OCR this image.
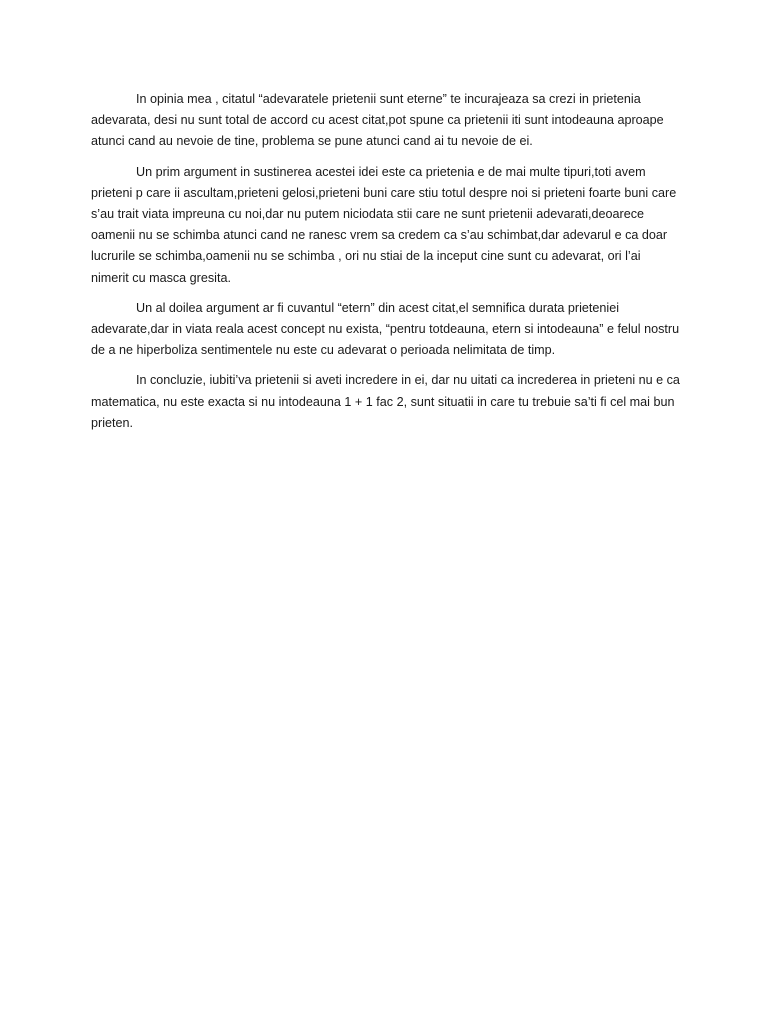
In opinia mea , citatul “adevaratele prietenii sunt eterne” te incurajeaza sa crezi in prietenia adevarata, desi nu sunt total de accord cu acest citat,pot spune ca prietenii iti sunt intodeauna aproape atunci cand au nevoie de tine, problema se pune atunci cand ai tu nevoie de ei.

Un prim argument in sustinerea acestei idei este ca prietenia e de mai multe tipuri,toti avem prieteni p care ii ascultam,prieteni gelosi,prieteni buni care stiu totul despre noi si prieteni foarte buni care s’au trait viata impreuna cu noi,dar nu putem niciodata stii care ne sunt prietenii adevarati,deoarece oamenii nu se schimba atunci cand ne ranesc vrem sa credem ca s’au schimbat,dar adevarul e ca doar lucrurile se schimba,oamenii nu se schimba , ori nu stiai de la inceput cine sunt cu adevarat, ori l’ai nimerit cu masca gresita.

Un al doilea argument ar fi cuvantul “etern” din acest citat,el semnifica durata prieteniei adevarate,dar in viata reala acest concept nu exista, “pentru totdeauna, etern si intodeauna” e felul nostru de a ne hiperboliza sentimentele nu este cu adevarat o perioada nelimitata de timp.

In concluzie, iubiti’va prietenii si aveti incredere in ei, dar nu uitati ca increderea in prieteni nu e ca matematica, nu este exacta si nu intodeauna 1 + 1 fac 2, sunt situatii in care tu trebuie sa’ti fi cel mai bun prieten.
